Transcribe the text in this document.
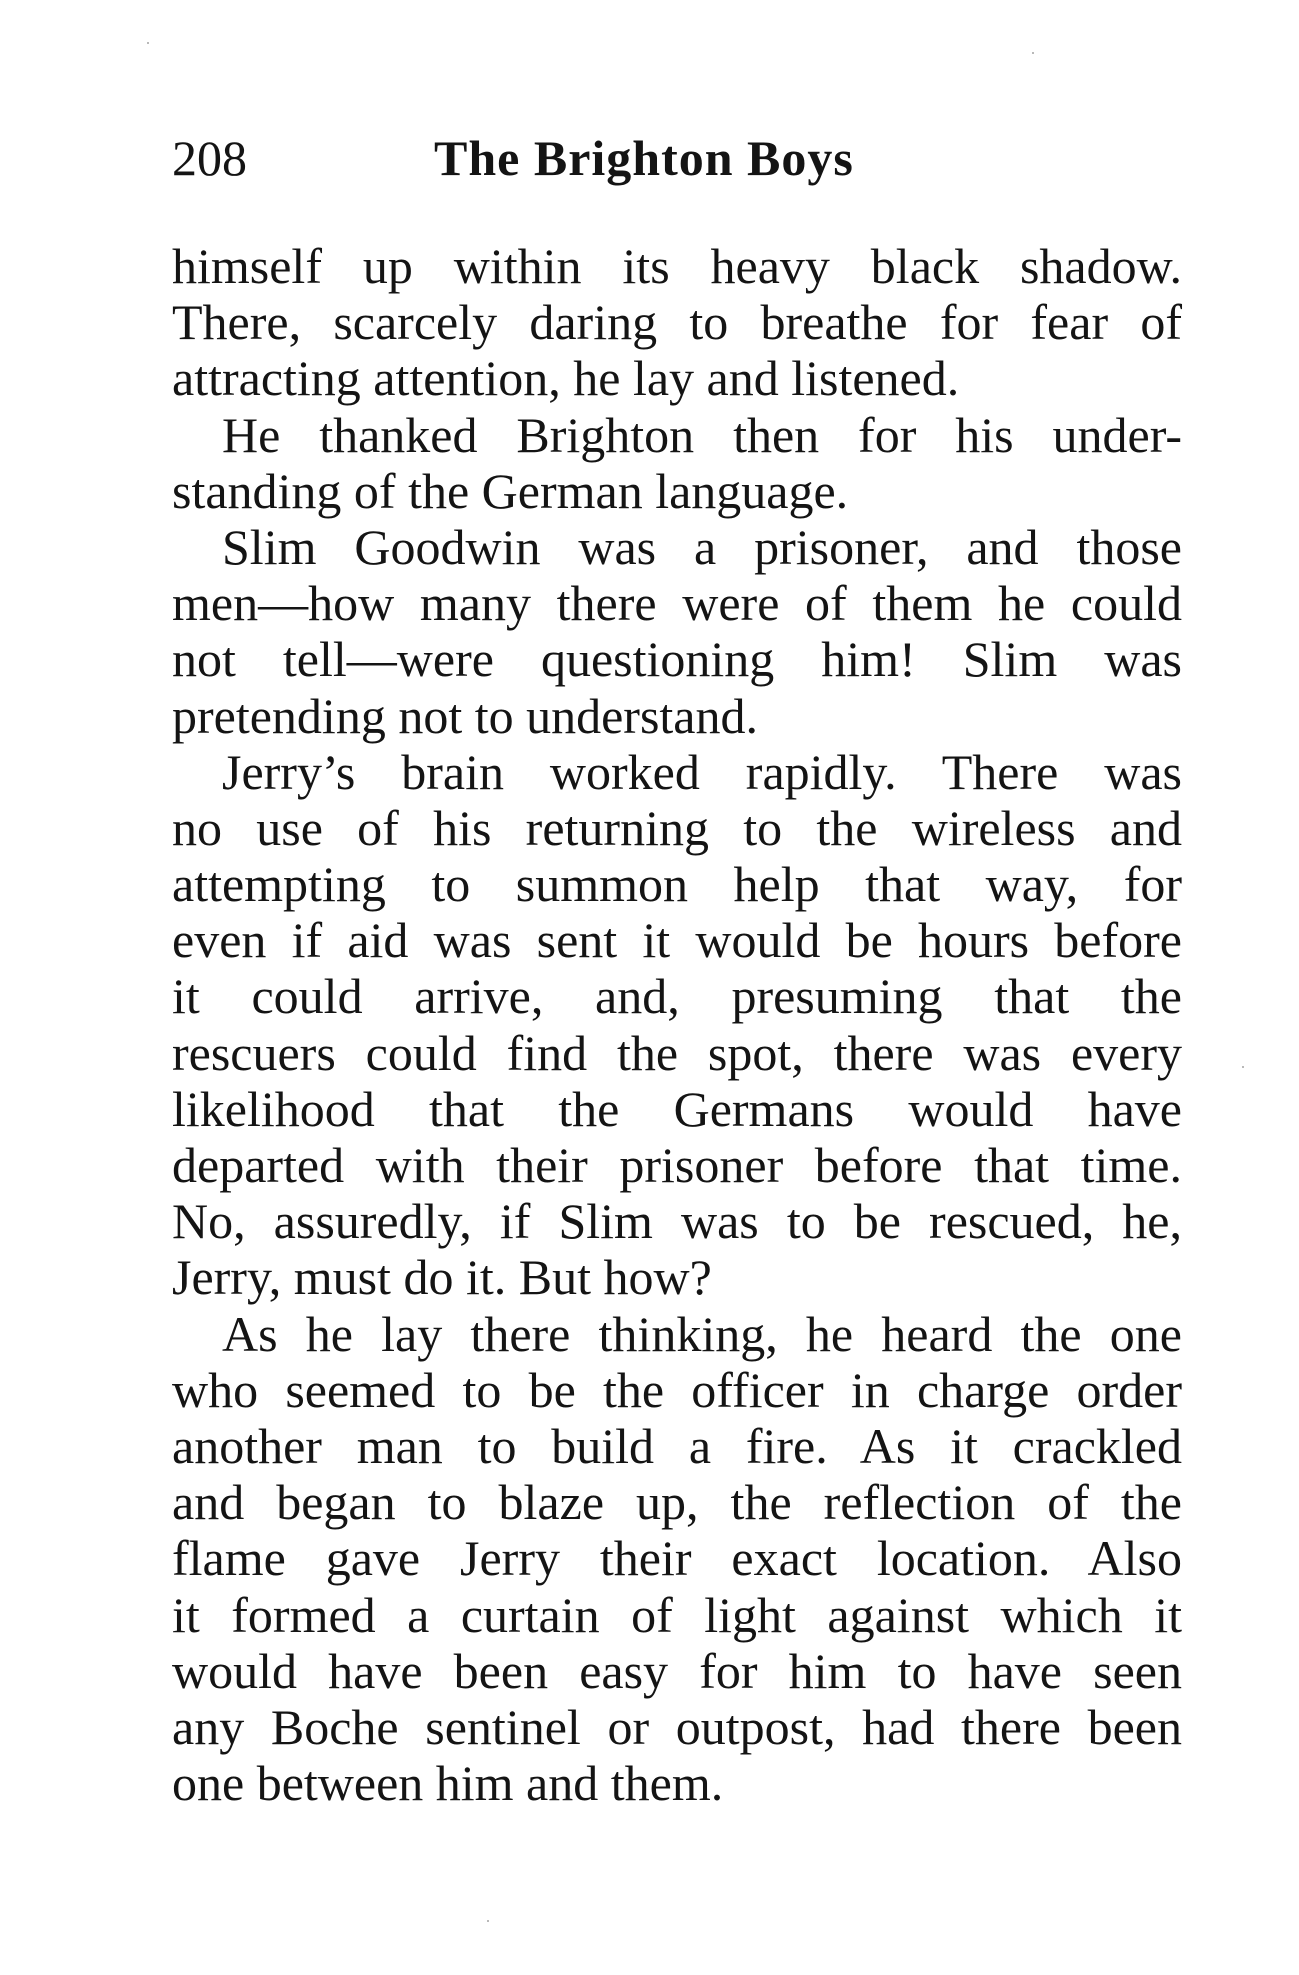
208	The Brighton Boys
himself up within its heavy black shadow.
There, scarcely daring to breathe for fear of
attracting attention, he lay and listened.
He thanked Brighton then for his under-
standing of the German language.
Slim Goodwin was a prisoner, and those
men—how many there were of them he could
not tell—were questioning him! Slim was
pretending not to understand.
Jerry’s brain worked rapidly. There was
no use of his returning to the wireless and
attempting to summon help that way, for
even if aid was sent it would be hours before
it could arrive, and, presuming that the
rescuers could find the spot, there was every
likelihood that the Germans would have
departed with their prisoner before that time.
No, assuredly, if Slim was to be rescued, he,
Jerry, must do it. But how?
As he lay there thinking, he heard the one
who seemed to be the officer in charge order
another man to build a fire. As it crackled
and began to blaze up, the reflection of the
flame gave Jerry their exact location. Also
it formed a curtain of light against which it
would have been easy for him to have seen
any Boche sentinel or outpost, had there been
one between him and them.
